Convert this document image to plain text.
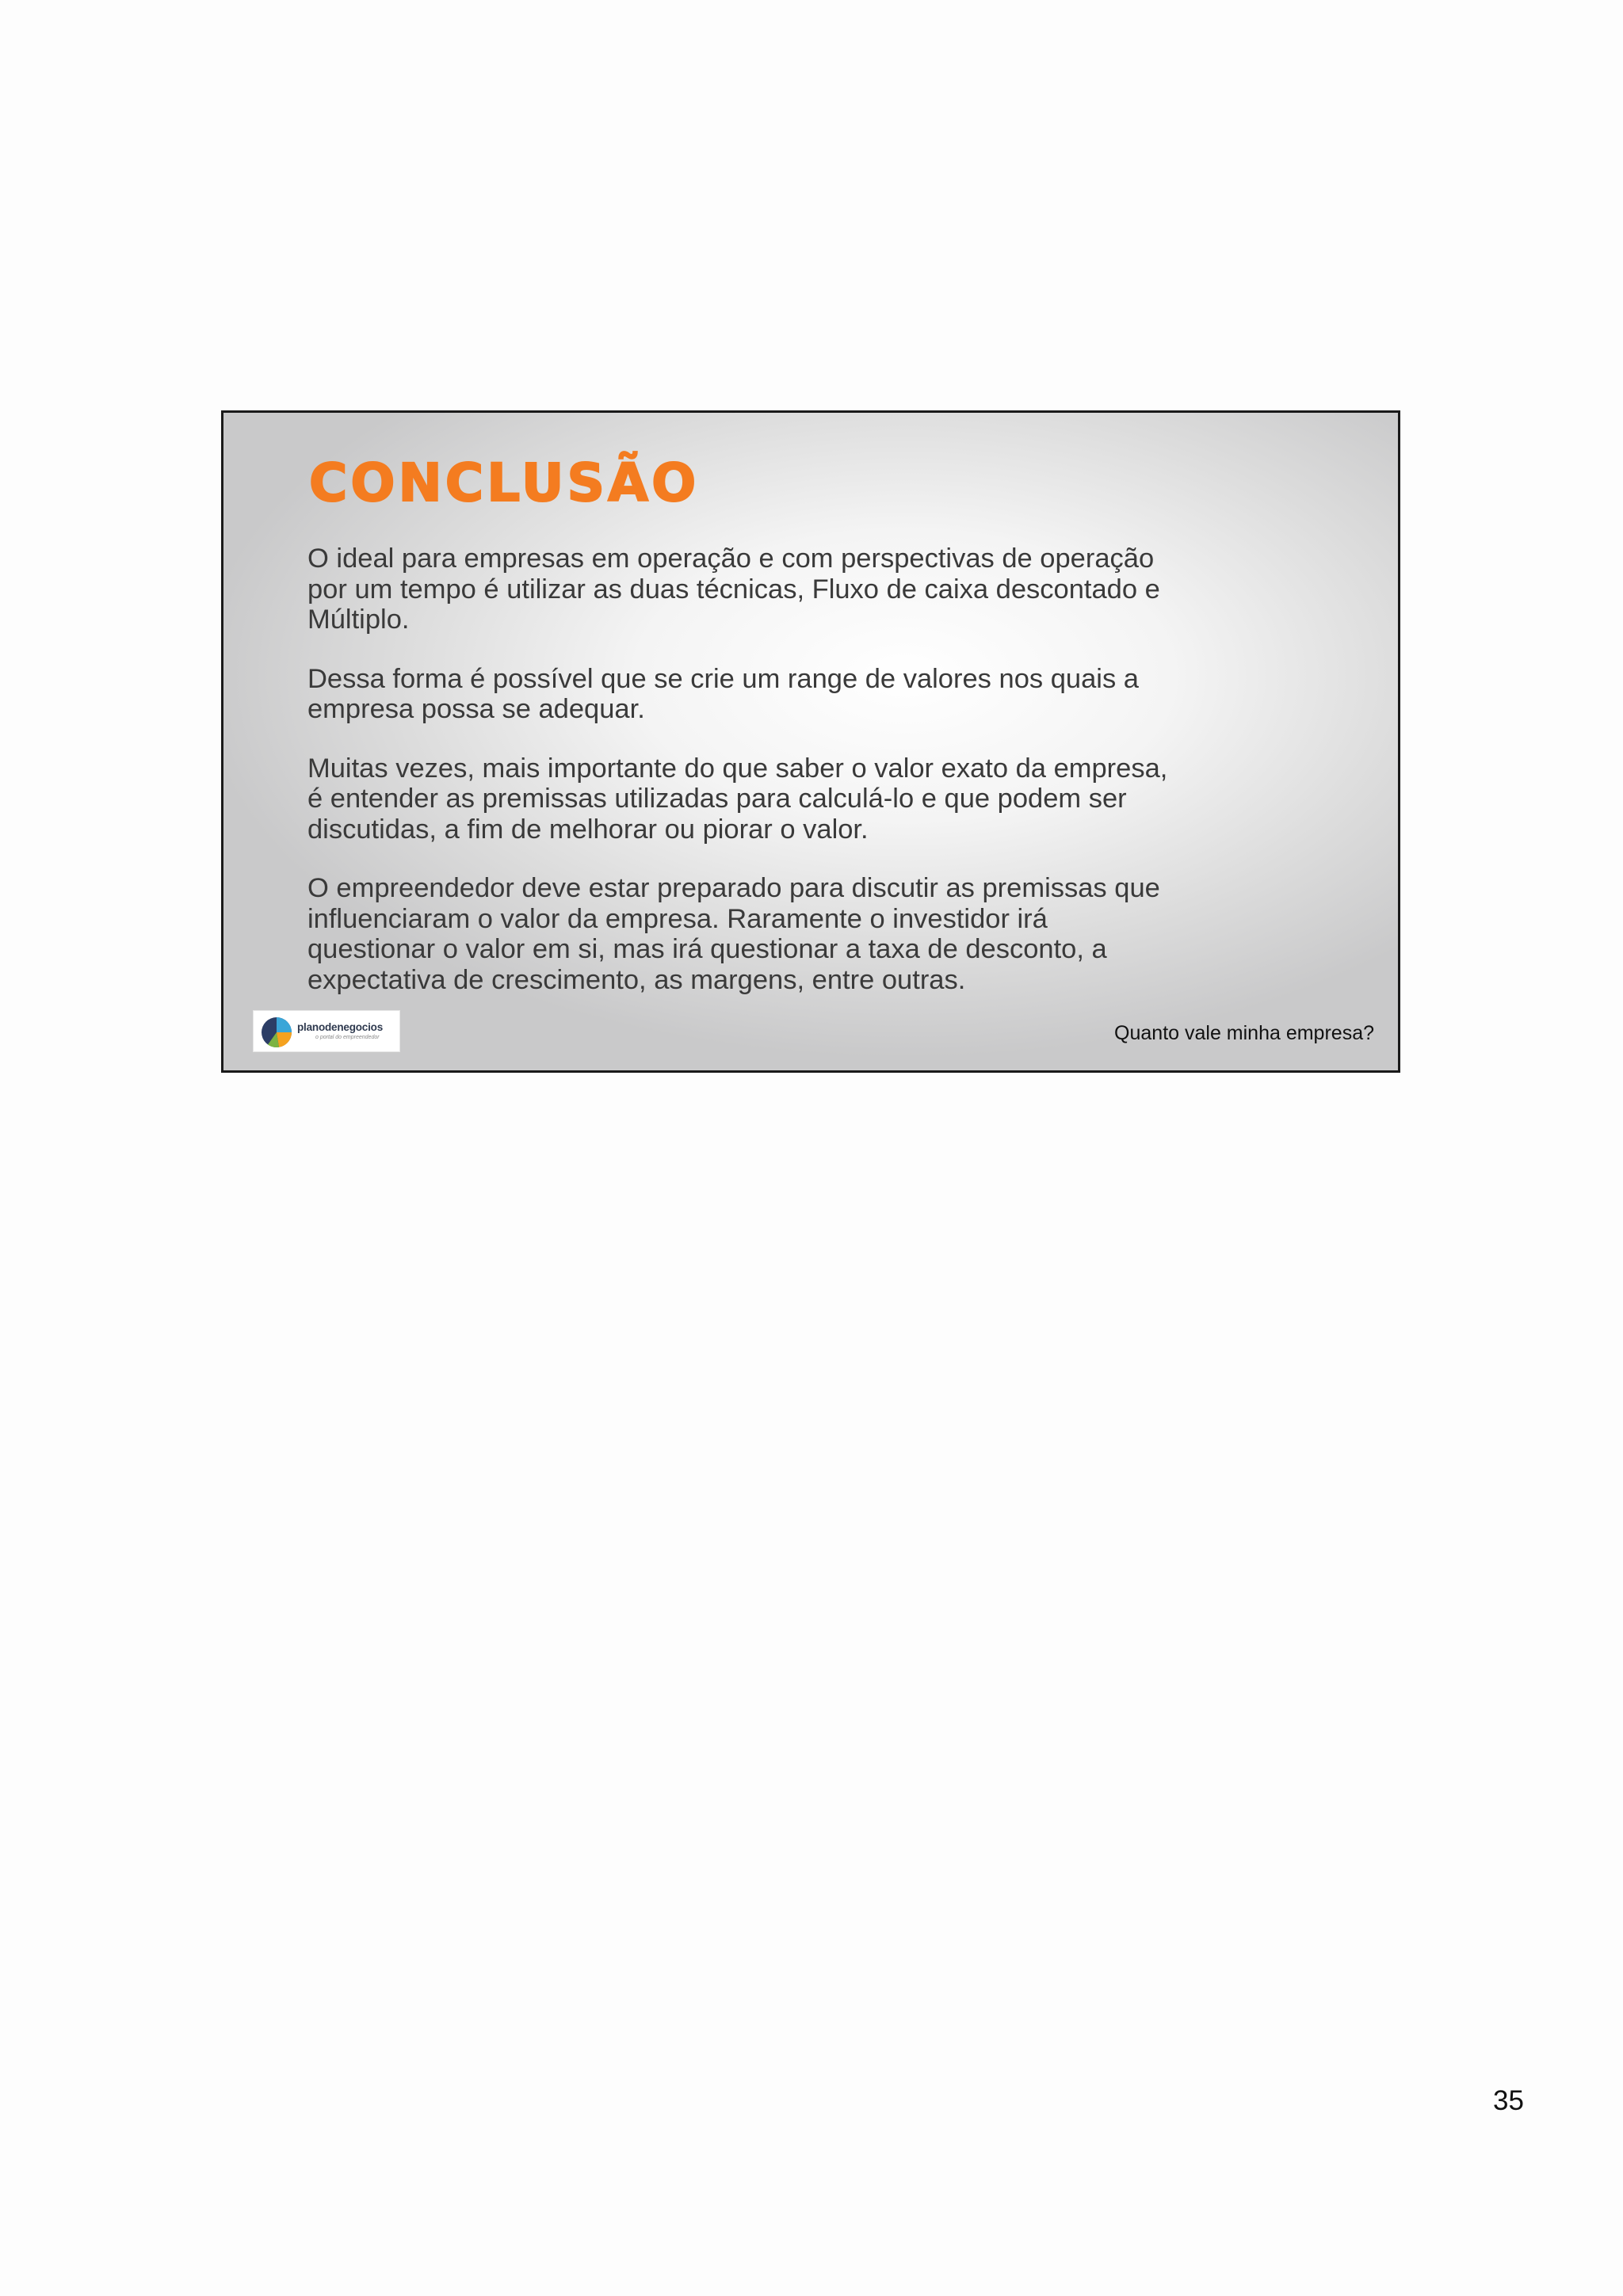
CONCLUSÃO

O ideal para empresas em operação e com perspectivas de operação
por um tempo é utilizar as duas técnicas, Fluxo de caixa descontado e
Múltiplo.

Dessa forma é possível que se crie um range de valores nos quais a
empresa possa se adequar.

Muitas vezes, mais importante do que saber o valor exato da empresa,
é entender as premissas utilizadas para calculá-lo e que podem ser
discutidas, a fim de melhorar ou piorar o valor.

O empreendedor deve estar preparado para discutir as premissas que
influenciaram o valor da empresa. Raramente o investidor irá
questionar o valor em si, mas irá questionar a taxa de desconto, a
expectativa de crescimento, as margens, entre outras.

planodenegocios
o portal do empreendedor	Quanto vale minha empresa?
35
